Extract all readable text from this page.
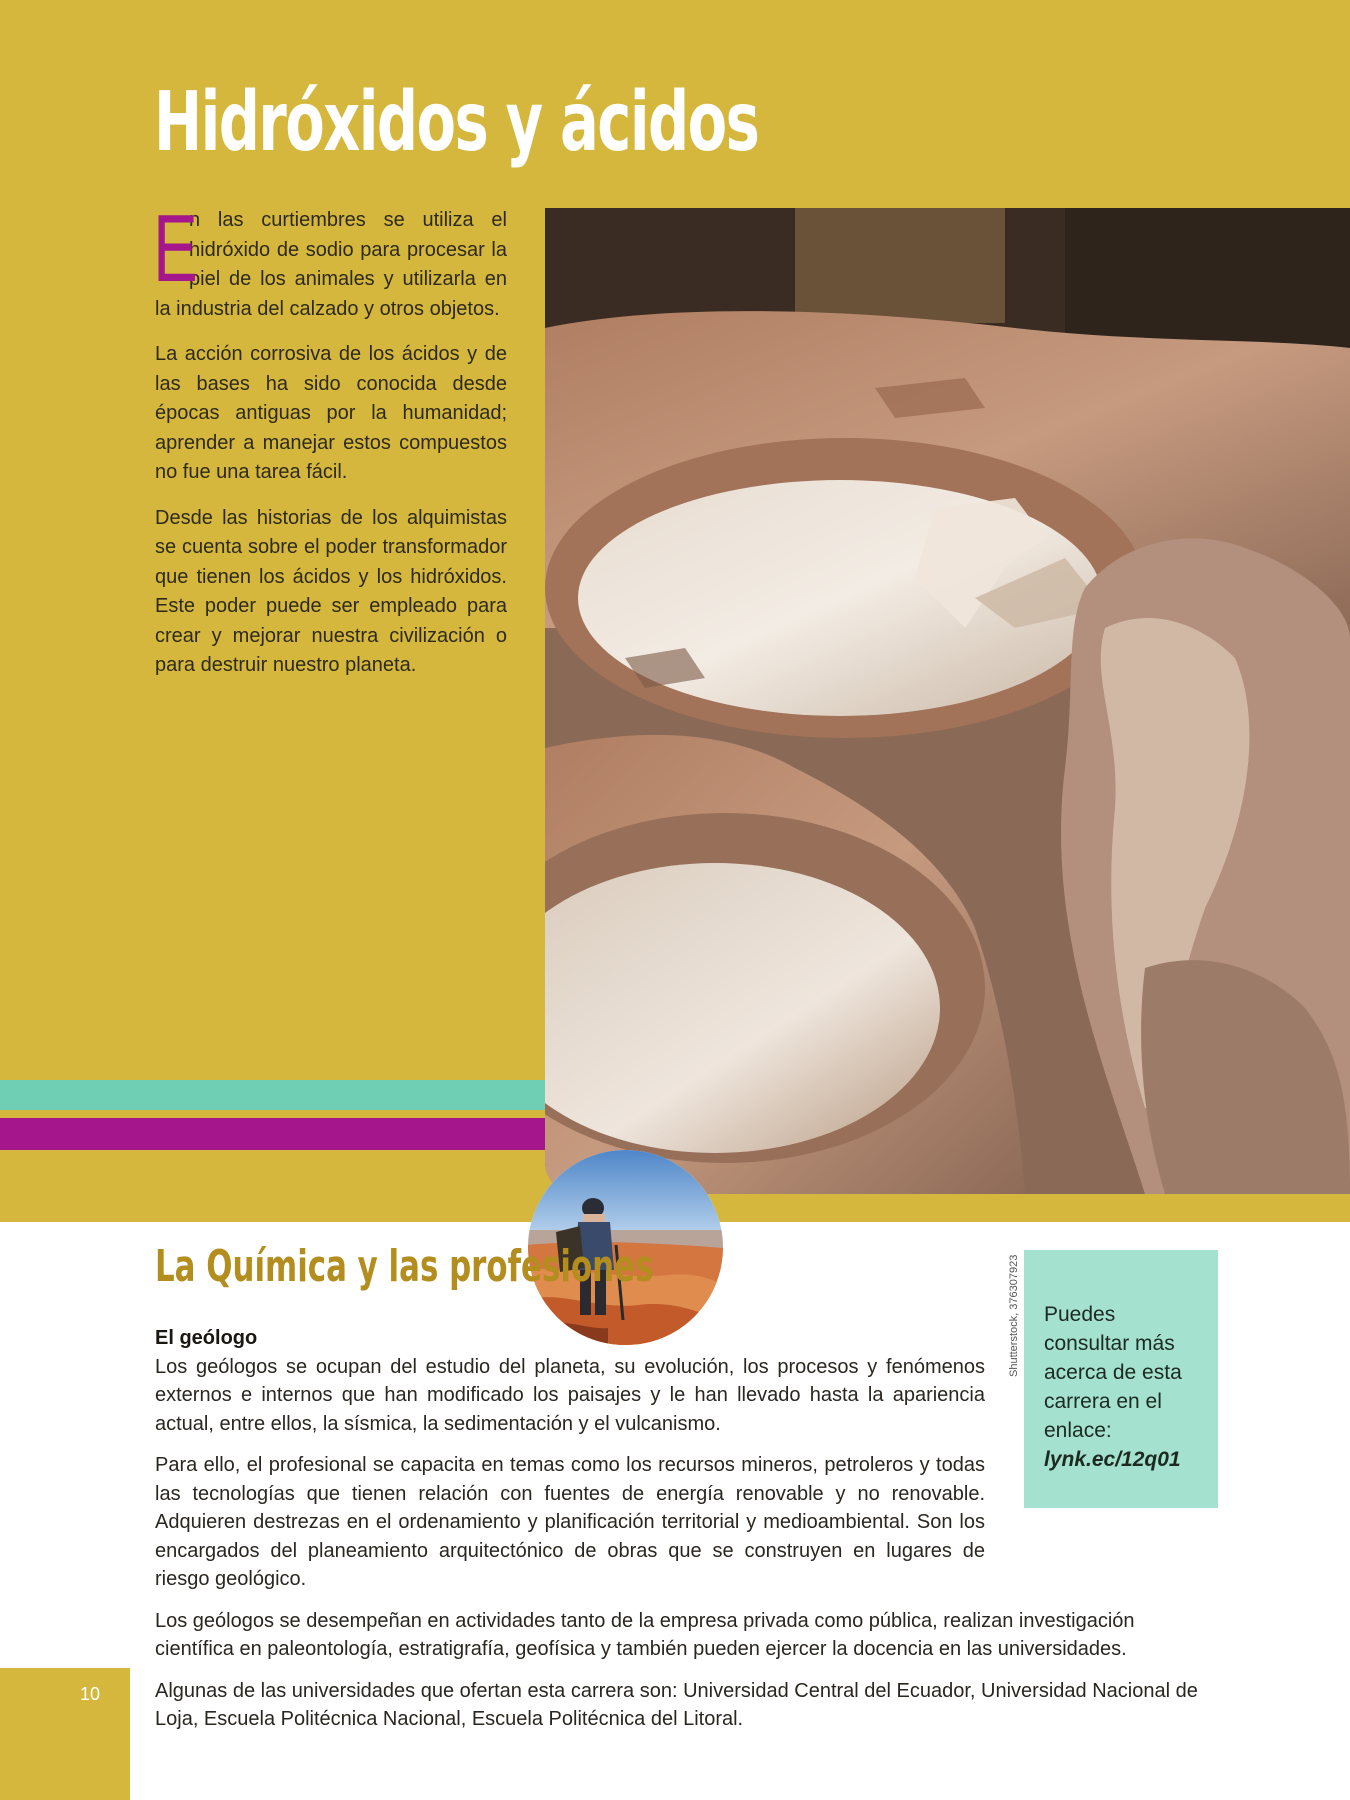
Hidróxidos y ácidos

E
n las curtiembres se utiliza el hidróxido de sodio para procesar la piel de los animales y utilizarla en la industria del calzado y otros objetos.

La acción corrosiva de los ácidos y de las bases ha sido conocida desde épocas antiguas por la humanidad; aprender a manejar estos compuestos no fue una tarea fácil.

Desde las historias de los alquimistas se cuenta sobre el poder transformador que tienen los ácidos y los hidróxidos. Este poder puede ser empleado para crear y mejorar nuestra civilización o para destruir nuestro planeta.

La Química y las profesiones	Shutterstock, 376307923 Puedes consultar más acerca de esta carrera en el enlace:
lynk.ec/12q01

El geólogo

Los geólogos se ocupan del estudio del planeta, su evolución, los procesos y fenómenos externos e internos que han modificado los paisajes y le han llevado hasta la apariencia actual, entre ellos, la sísmica, la sedimentación y el vulcanismo.

Para ello, el profesional se capacita en temas como los recursos mineros, petroleros y todas las tecnologías que tienen relación con fuentes de energía renovable y no renovable. Adquieren destrezas en el ordenamiento y planificación territorial y medioambiental. Son los encargados del planeamiento arquitectónico de obras que se construyen en lugares de riesgo geológico.

Los geólogos se desempeñan en actividades tanto de la empresa privada como pública, realizan investigación científica en paleontología, estratigrafía, geofísica y también pueden ejercer la docencia en las universidades.

Algunas de las universidades que ofertan esta carrera son: Universidad Central del Ecuador, Universidad Nacional de Loja, Escuela Politécnica Nacional, Escuela Politécnica del Litoral.

10
